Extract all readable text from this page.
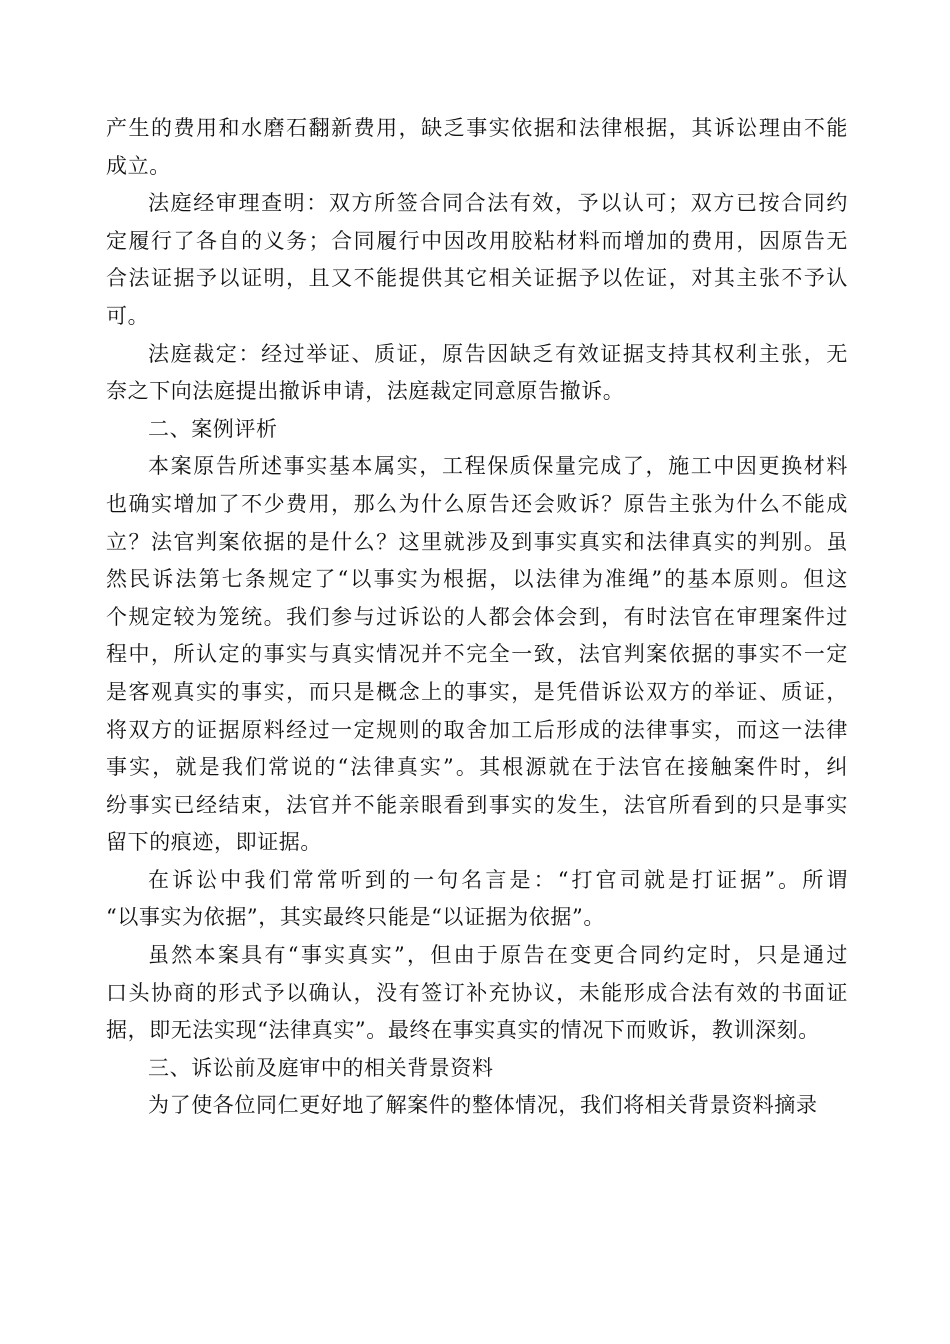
产生的费用和水磨石翻新费用，缺乏事实依据和法律根据，其诉讼理由不能
成立。
法庭经审理查明：双方所签合同合法有效，予以认可；双方已按合同约
定履行了各自的义务；合同履行中因改用胶粘材料而增加的费用，因原告无
合法证据予以证明，且又不能提供其它相关证据予以佐证，对其主张不予认
可。
法庭裁定：经过举证、质证，原告因缺乏有效证据支持其权利主张，无
奈之下向法庭提出撤诉申请，法庭裁定同意原告撤诉。
二、案例评析
本案原告所述事实基本属实，工程保质保量完成了，施工中因更换材料
也确实增加了不少费用，那么为什么原告还会败诉？原告主张为什么不能成
立？法官判案依据的是什么？这里就涉及到事实真实和法律真实的判别。虽
然民诉法第七条规定了“以事实为根据，以法律为准绳”的基本原则。但这
个规定较为笼统。我们参与过诉讼的人都会体会到，有时法官在审理案件过
程中，所认定的事实与真实情况并不完全一致，法官判案依据的事实不一定
是客观真实的事实，而只是概念上的事实，是凭借诉讼双方的举证、质证，
将双方的证据原料经过一定规则的取舍加工后形成的法律事实，而这一法律
事实，就是我们常说的“法律真实”。其根源就在于法官在接触案件时，纠
纷事实已经结束，法官并不能亲眼看到事实的发生，法官所看到的只是事实
留下的痕迹，即证据。
在诉讼中我们常常听到的一句名言是：“打官司就是打证据”。所谓
“以事实为依据”，其实最终只能是“以证据为依据”。
虽然本案具有“事实真实”，但由于原告在变更合同约定时，只是通过
口头协商的形式予以确认，没有签订补充协议，未能形成合法有效的书面证
据，即无法实现“法律真实”。最终在事实真实的情况下而败诉，教训深刻。
三、诉讼前及庭审中的相关背景资料
为了使各位同仁更好地了解案件的整体情况，我们将相关背景资料摘录
